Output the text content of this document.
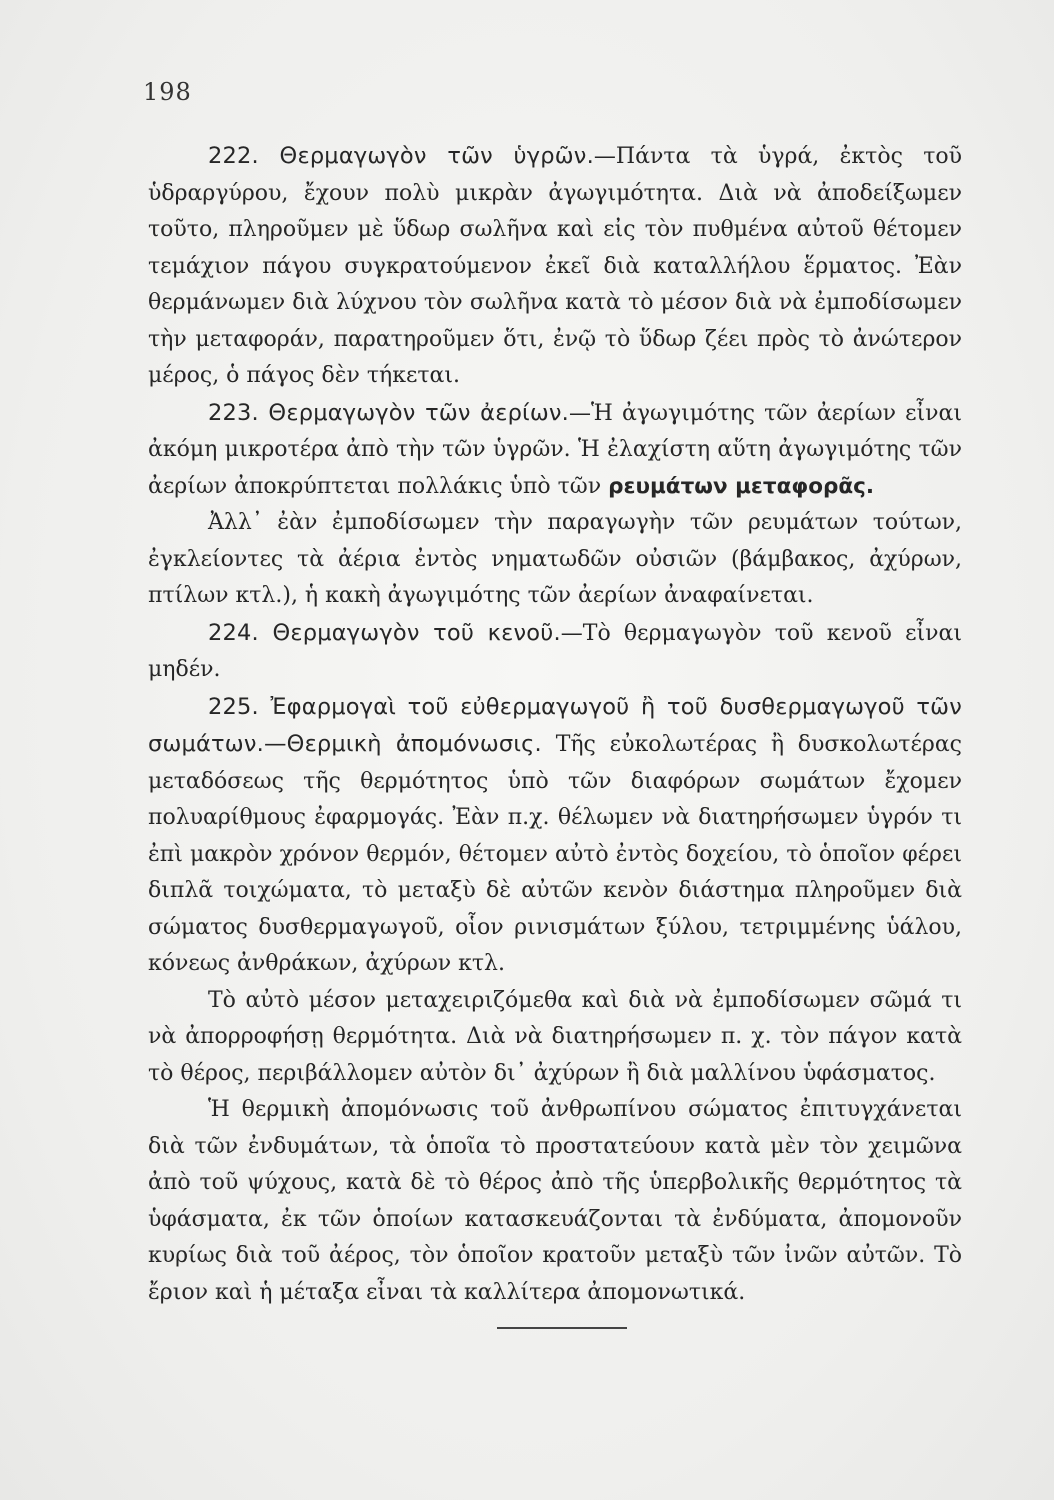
198

222. Θερμαγωγὸν τῶν ὑγρῶν.—Πάντα τὰ ὑγρά, ἐκτὸς τοῦ ὑδραργύρου, ἔχουν πολὺ μικρὰν ἀγωγιμότητα. Διὰ νὰ ἀποδείξωμεν τοῦτο, πληροῦμεν μὲ ὕδωρ σωλῆνα καὶ εἰς τὸν πυθμένα αὐτοῦ θέτομεν τεμάχιον πάγου συγκρατούμενον ἐκεῖ διὰ καταλλήλου ἕρματος. Ἐὰν θερμάνωμεν διὰ λύχνου τὸν σωλῆνα κατὰ τὸ μέσον διὰ νὰ ἐμποδίσωμεν τὴν μεταφοράν, παρατηροῦμεν ὅτι, ἐνῷ τὸ ὕδωρ ζέει πρὸς τὸ ἀνώτερον μέρος, ὁ πάγος δὲν τήκεται.

223. Θερμαγωγὸν τῶν ἀερίων.—Ἡ ἀγωγιμότης τῶν ἀερίων εἶναι ἀκόμη μικροτέρα ἀπὸ τὴν τῶν ὑγρῶν. Ἡ ἐλαχίστη αὕτη ἀγωγιμότης τῶν ἀερίων ἀποκρύπτεται πολλάκις ὑπὸ τῶν ρευμάτων μεταφορᾶς.

Ἀλλ᾽ ἐὰν ἐμποδίσωμεν τὴν παραγωγὴν τῶν ρευμάτων τούτων, ἐγκλείοντες τὰ ἀέρια ἐντὸς νηματωδῶν οὐσιῶν (βάμβακος, ἀχύρων, πτίλων κτλ.), ἡ κακὴ ἀγωγιμότης τῶν ἀερίων ἀναφαίνεται.

224. Θερμαγωγὸν τοῦ κενοῦ.—Τὸ θερμαγωγὸν τοῦ κενοῦ εἶναι μηδέν.

225. Ἐφαρμογαὶ τοῦ εὐθερμαγωγοῦ ἢ τοῦ δυσθερμαγωγοῦ τῶν σωμάτων.—Θερμικὴ ἀπομόνωσις. Τῆς εὐκολωτέρας ἢ δυσκολωτέρας μεταδόσεως τῆς θερμότητος ὑπὸ τῶν διαφόρων σωμάτων ἔχομεν πολυαρίθμους ἐφαρμογάς. Ἐὰν π.χ. θέλωμεν νὰ διατηρήσωμεν ὑγρόν τι ἐπὶ μακρὸν χρόνον θερμόν, θέτομεν αὐτὸ ἐντὸς δοχείου, τὸ ὁποῖον φέρει διπλᾶ τοιχώματα, τὸ μεταξὺ δὲ αὐτῶν κενὸν διάστημα πληροῦμεν διὰ σώματος δυσθερμαγωγοῦ, οἷον ρινισμάτων ξύλου, τετριμμένης ὑάλου, κόνεως ἀνθράκων, ἀχύρων κτλ.

Τὸ αὐτὸ μέσον μεταχειριζόμεθα καὶ διὰ νὰ ἐμποδίσωμεν σῶμά τι νὰ ἀπορροφήσῃ θερμότητα. Διὰ νὰ διατηρήσωμεν π. χ. τὸν πάγον κατὰ τὸ θέρος, περιβάλλομεν αὐτὸν δι᾽ ἀχύρων ἢ διὰ μαλλίνου ὑφάσματος.

Ἡ θερμικὴ ἀπομόνωσις τοῦ ἀνθρωπίνου σώματος ἐπιτυγχάνεται διὰ τῶν ἐνδυμάτων, τὰ ὁποῖα τὸ προστατεύουν κατὰ μὲν τὸν χειμῶνα ἀπὸ τοῦ ψύχους, κατὰ δὲ τὸ θέρος ἀπὸ τῆς ὑπερβολικῆς θερμότητος τὰ ὑφάσματα, ἐκ τῶν ὁποίων κατασκευάζονται τὰ ἐνδύματα, ἀπομονοῦν κυρίως διὰ τοῦ ἀέρος, τὸν ὁποῖον κρατοῦν μεταξὺ τῶν ἰνῶν αὐτῶν. Τὸ ἔριον καὶ ἡ μέταξα εἶναι τὰ καλλίτερα ἀπομονωτικά.
